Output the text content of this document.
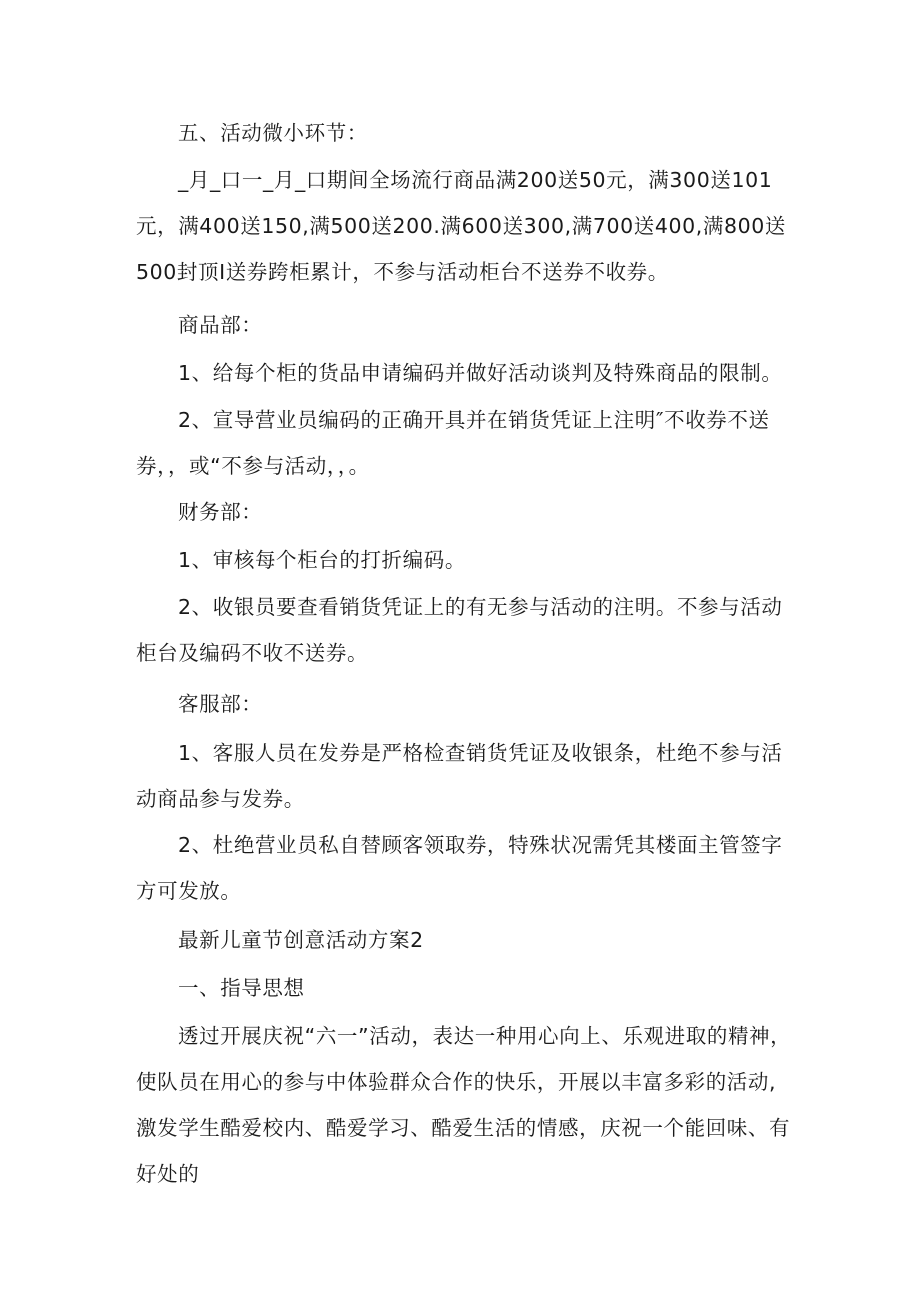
五、活动微小环节：

_月_口一_月_口期间全场流行商品满200送50元，满300送101元，满400送150,满500送200.满600送300,满700送400,满800送500封顶I送券跨柜累计，不参与活动柜台不送券不收券。

商品部：

1、给每个柜的货品申请编码并做好活动谈判及特殊商品的限制。

2、宣导营业员编码的正确开具并在销货凭证上注明″不收券不送券，，或“不参与活动，，。

财务部：

1、审核每个柜台的打折编码。

2、收银员要查看销货凭证上的有无参与活动的注明。不参与活动柜台及编码不收不送券。

客服部：

1、客服人员在发券是严格检查销货凭证及收银条，杜绝不参与活动商品参与发券。

2、杜绝营业员私自替顾客领取券，特殊状况需凭其楼面主管签字方可发放。

最新儿童节创意活动方案2

一、指导思想

透过开展庆祝“六一”活动，表达一种用心向上、乐观进取的精神，使队员在用心的参与中体验群众合作的快乐，开展以丰富多彩的活动,激发学生酷爱校内、酷爱学习、酷爱生活的情感，庆祝一个能回味、有好处的
